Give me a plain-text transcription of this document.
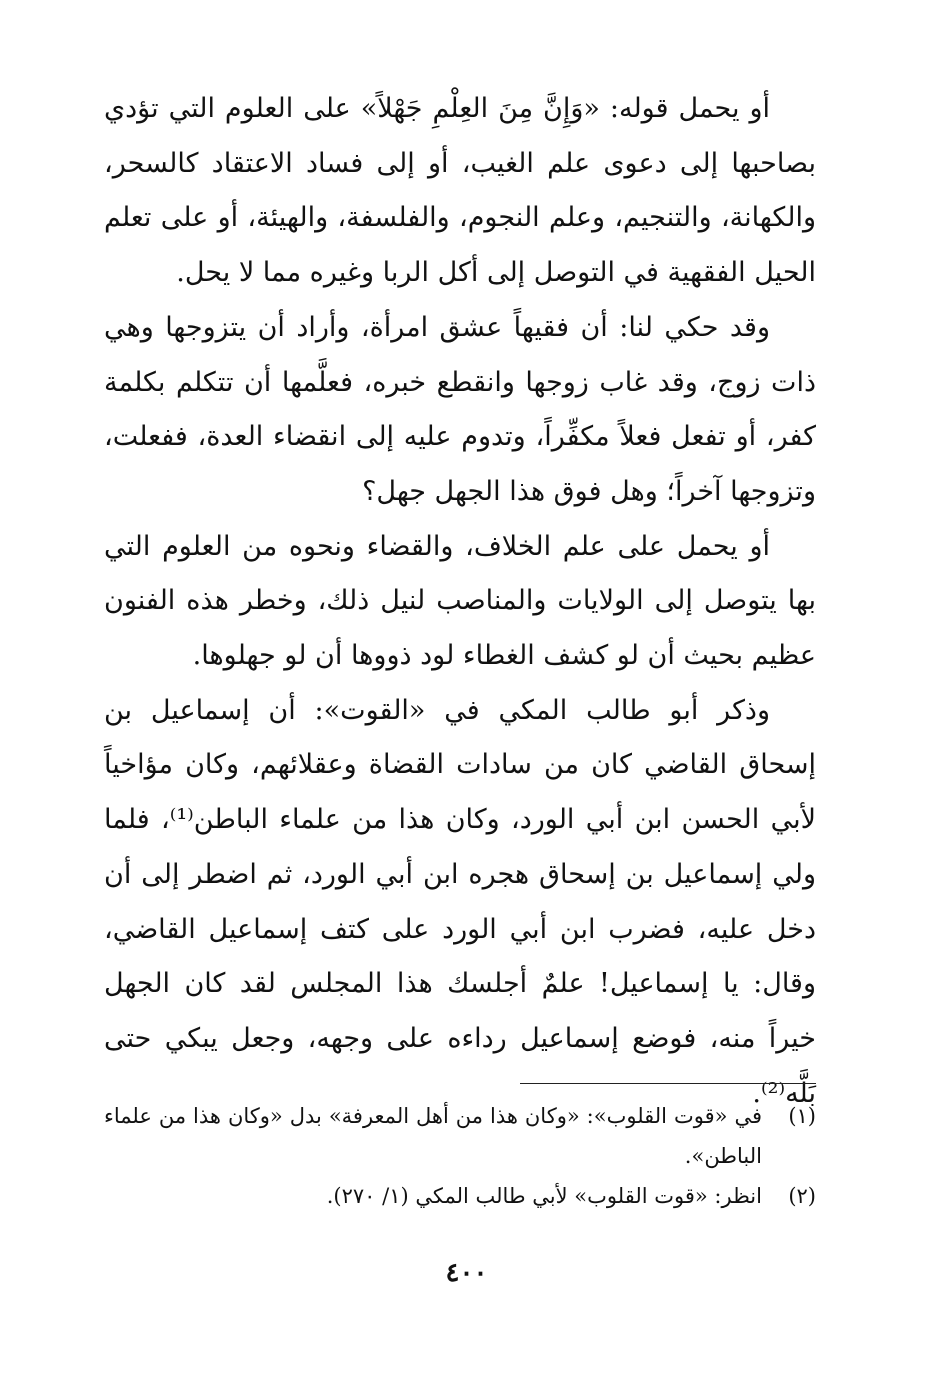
أو يحمل قوله: «وَإِنَّ مِنَ العِلْمِ جَهْلاً» على العلوم التي تؤدي بصاحبها إلى دعوى علم الغيب، أو إلى فساد الاعتقاد كالسحر، والكهانة، والتنجيم، وعلم النجوم، والفلسفة، والهيئة، أو على تعلم الحيل الفقهية في التوصل إلى أكل الربا وغيره مما لا يحل.

وقد حكي لنا: أن فقيهاً عشق امرأة، وأراد أن يتزوجها وهي ذات زوج، وقد غاب زوجها وانقطع خبره، فعلَّمها أن تتكلم بكلمة كفر، أو تفعل فعلاً مكفِّراً، وتدوم عليه إلى انقضاء العدة، ففعلت، وتزوجها آخراً؛ وهل فوق هذا الجهل جهل؟

أو يحمل على علم الخلاف، والقضاء ونحوه من العلوم التي بها يتوصل إلى الولايات والمناصب لنيل ذلك، وخطر هذه الفنون عظيم بحيث أن لو كشف الغطاء لود ذووها أن لو جهلوها.

وذكر أبو طالب المكي في «القوت»: أن إسماعيل بن إسحاق القاضي كان من سادات القضاة وعقلائهم، وكان مؤاخياً لأبي الحسن ابن أبي الورد، وكان هذا من علماء الباطن⁽¹⁾، فلما ولي إسماعيل بن إسحاق هجره ابن أبي الورد، ثم اضطر إلى أن دخل عليه، فضرب ابن أبي الورد على كتف إسماعيل القاضي، وقال: يا إسماعيل! علمٌ أجلسك هذا المجلس لقد كان الجهل خيراً منه، فوضع إسماعيل رداءه على وجهه، وجعل يبكي حتى بَلَّه⁽²⁾.

(١)
في «قوت القلوب»: «وكان هذا من أهل المعرفة» بدل «وكان هذا من علماء الباطن».
(٢)
انظر: «قوت القلوب» لأبي طالب المكي (١/ ٢٧٠).
٤٠٠
